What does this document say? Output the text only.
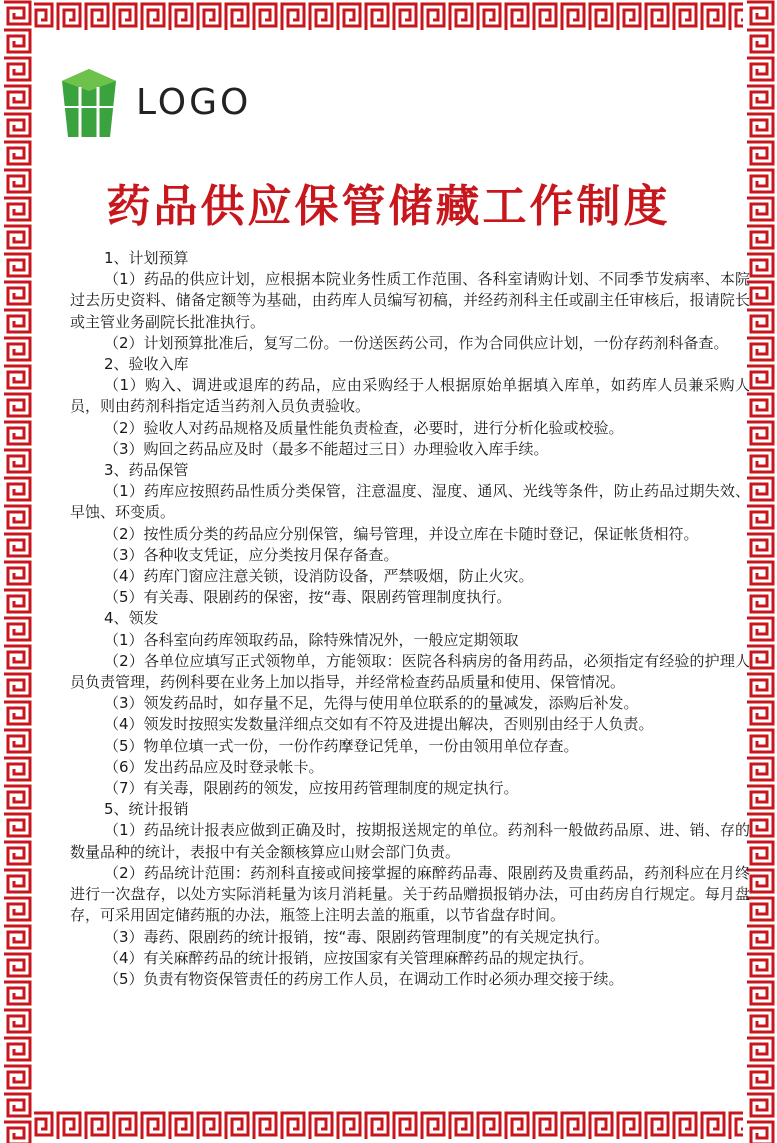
LOGO
药品供应保管储藏工作制度
1、计划预算
（1）药品的供应计划，应根据本院业务性质工作范围、各科室请购计划、不同季节发病率、本院过去历史资料、储备定额等为基础，由药库人员编写初稿，并经药剂科主任或副主任审核后，报请院长或主管业务副院长批准执行。
（2）计划预算批准后，复写二份。一份送医药公司，作为合同供应计划，一份存药剂科备查。
2、验收入库
（1）购入、调进或退库的药品，应由采购经于人根据原始单据填入库单，如药库人员兼采购人员，则由药剂科指定适当药剂入员负责验收。
（2）验收人对药品规格及质量性能负责检查，必要时，进行分析化验或校验。
（3）购回之药品应及时（最多不能超过三日）办理验收入库手续。
3、药品保管
（1）药库应按照药品性质分类保管，注意温度、湿度、通风、光线等条件，防止药品过期失效、早蚀、环变质。
（2）按性质分类的药品应分别保管，编号管理，并设立库在卡随时登记，保证帐货相符。
（3）各种收支凭证，应分类按月保存备查。
（4）药库门窗应注意关锁，设消防设备，严禁吸烟，防止火灾。
（5）有关毒、限剧药的保密，按“毒、限剧药管理制度执行。
4、领发
（1）各科室向药库领取药品，除特殊情况外，一般应定期领取
（2）各单位应填写正式领物单，方能领取：医院各科病房的备用药品，必须指定有经验的护理人员负责管理，药例科要在业务上加以指导，并经常检查药品质量和使用、保管情况。
（3）领发药品时，如存量不足，先得与使用单位联系的的量减发，添购后补发。
（4）领发时按照实发数量洋细点交如有不符及进提出解决，否则别由经于人负责。
（5）物单位填一式一份，一份作药摩登记凭单，一份由领用单位存查。
（6）发出药品应及时登录帐卡。
（7）有关毒，限剧药的领发，应按用药管理制度的规定执行。
5、统计报销
（1）药品统计报表应做到正确及时，按期报送规定的单位。药剂科一般做药品原、进、销、存的数量品种的统计，表报中有关金额核算应山财会部门负责。
（2）药品统计范围：药剂科直接或间接掌握的麻醉药品毒、限剧药及贵重药品，药剂科应在月终进行一次盘存，以处方实际消耗量为该月消耗量。关于药品赠损报销办法，可由药房自行规定。每月盘存，可采用固定储药瓶的办法，瓶签上注明去盖的瓶重，以节省盘存时间。
（3）毒药、限剧药的统计报销，按“毒、限剧药管理制度”的有关规定执行。
（4）有关麻醉药品的统计报销，应按国家有关管理麻醉药品的规定执行。
（5）负责有物资保管责任的药房工作人员，在调动工作时必须办理交接于续。
